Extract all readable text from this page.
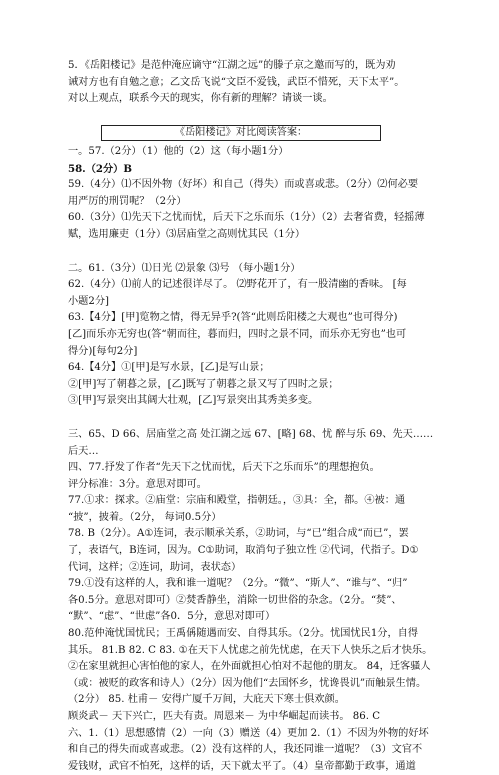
5．《岳阳楼记》是范仲淹应谪守“江湖之远”的滕子京之邀而写的，既为劝

诫对方也有自勉之意；乙文岳飞说“文臣不爱钱，武臣不惜死，天下太平”。

对以上观点，联系今天的现实，你有新的理解？请谈一谈。

《岳阳楼记》对比阅读答案：

一。57.（2分）（1）他的（2）这（每小题1分）

58.（2分）B

59.（4分）⑴不因外物（好坏）和自己（得失）而或喜或悲。（2分）⑵何必要

用严厉的刑罚呢？（2分）

60.（3分）⑴先天下之忧而忧，后天下之乐而乐（1分）（2）去奢省费，轻摇薄

赋，选用廉吏（1分）⑶居庙堂之高则忧其民（1分）

二。61.（3分）⑴日光 ⑵景象 ⑶号 （每小题1分）

62.（4分）⑴前人的记述很详尽了。 ⑵野花开了，有一股清幽的香味。 [每

小题2分]

63.【4分】[甲]览物之情，得无异乎?(答“此则岳阳楼之大观也”也可得分)

[乙]而乐亦无穷也(答“朝而往，暮而归，四时之景不同，而乐亦无穷也”也可

得分)[每句2分]

64.【4分】①[甲]是写水景，[乙]是写山景；

②[甲]写了朝暮之景，[乙]既写了朝暮之景又写了四时之景；

③[甲]写景突出其阔大壮观，[乙]写景突出其秀美多变。

三、65、D 66、居庙堂之高 处江湖之远 67、[略] 68、忧 醉与乐 69、先天……

后天…

四、77.抒发了作者“先天下之忧而忧，后天下之乐而乐”的理想抱负。

评分标准：3分。意思对即可。

77.①求：探求。②庙堂：宗庙和殿堂，指朝廷。，③具：全，都。④被：通

“披”，披着。（2分， 每词0.5分）

78. B（2分）。A①连词，表示顺承关系，②助词，与“已”组合成“而已”，罢

了，表语气，B连词，因为。C①助词，取消句子独立性 ②代词，代指子。D①

代词，这样；②连词，助词，表状态）

79.①没有这样的人，我和谁一道呢？（2分。“微”、“斯人”、“谁与”、“归”

各0.5分。意思对即可）②焚香静坐，消除一切世俗的杂念。（2分。“焚”、

“默”、“虑”、“世虑”各0．5分，意思对即可）

80.范仲淹忧国忧民；王禹偁随遇而安、自得其乐。（2分。忧国忧民1分，自得

其乐。 81.B 82. C 83. ①在天下人忧虑之前先忧虑，在天下人快乐之后才快乐。

②在家里就担心害怕他的家人，在外面就担心怕对不起他的朋友。 84，迁客骚人

（或：被贬的政客和诗人）（2分）因为他们“去国怀乡，忧谗畏讥”而触景生情。

（2分） 85. 杜甫－ 安得广厦千万间，大庇天下寒士俱欢颜。

顾炎武－ 天下兴亡，匹夫有责。周恩来－ 为中华崛起而读书。 86. C

六、1.（1）思想感情（2）一向（3）赠送（4）更加 2.（1）不因为外物的好坏

和自己的得失而或喜或悲。（2）没有这样的人，我还同谁一道呢？（3）文官不

爱钱财，武官不怕死，这样的话，天下就太平了。（4）皇帝都勤于政事，通道
